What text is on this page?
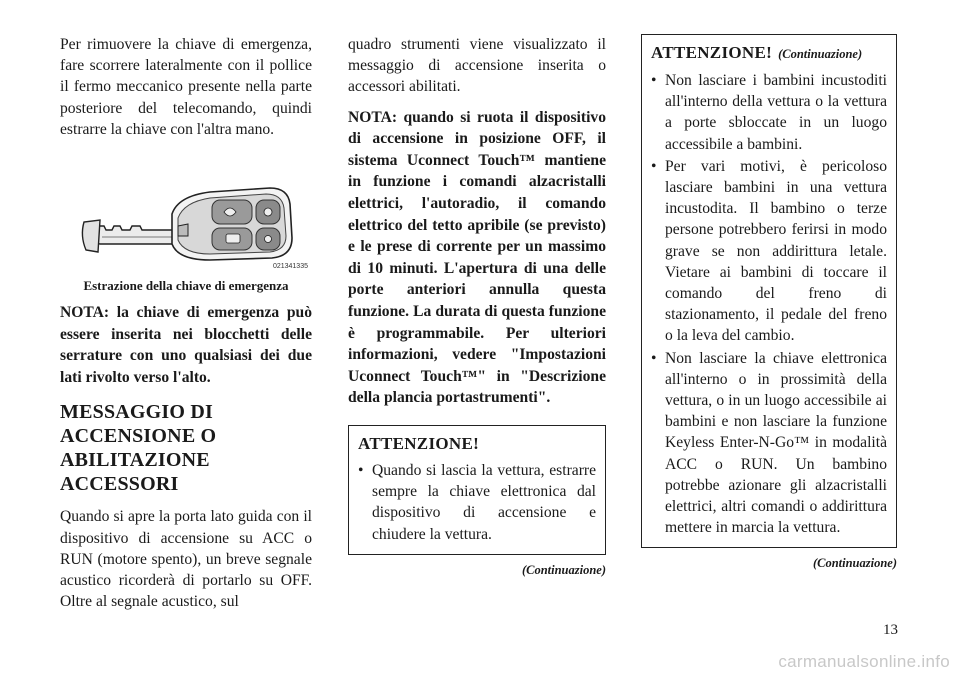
Per rimuovere la chiave di emergenza, fare scorrere lateralmente con il pollice il fermo meccanico presente nella parte posteriore del telecomando, quindi estrarre la chiave con l'altra mano.

021341335

Estrazione della chiave di emergenza

NOTA: la chiave di emergenza può essere inserita nei blocchetti delle serrature con uno qualsiasi dei due lati rivolto verso l'alto.

MESSAGGIO DI ACCENSIONE O ABILITAZIONE ACCESSORI

Quando si apre la porta lato guida con il dispositivo di accensione su ACC o RUN (motore spento), un breve segnale acustico ricorderà di portarlo su OFF. Oltre al segnale acustico, sul

quadro strumenti viene visualizzato il messaggio di accensione inserita o accessori abilitati.

NOTA: quando si ruota il dispositivo di accensione in posizione OFF, il sistema Uconnect Touch™ mantiene in funzione i comandi alzacristalli elettrici, l'autoradio, il comando elettrico del tetto apribile (se previsto) e le prese di corrente per un massimo di 10 minuti. L'apertura di una delle porte anteriori annulla questa funzione. La durata di questa funzione è programmabile. Per ulteriori informazioni, vedere "Impostazioni Uconnect Touch™" in "Descrizione della plancia portastrumenti".

ATTENZIONE!
• Quando si lascia la vettura, estrarre sempre la chiave elettronica dal dispositivo di accensione e chiudere la vettura.

(Continuazione)

ATTENZIONE! (Continuazione)
• Non lasciare i bambini incustoditi all'interno della vettura o la vettura a porte sbloccate in un luogo accessibile a bambini.
• Per vari motivi, è pericoloso lasciare bambini in una vettura incustodita. Il bambino o terze persone potrebbero ferirsi in modo grave se non addirittura letale. Vietare ai bambini di toccare il comando del freno di stazionamento, il pedale del freno o la leva del cambio.
• Non lasciare la chiave elettronica all'interno o in prossimità della vettura, o in un luogo accessibile ai bambini e non lasciare la funzione Keyless Enter-N-Go™ in modalità ACC o RUN. Un bambino potrebbe azionare gli alzacristalli elettrici, altri comandi o addirittura mettere in marcia la vettura.

(Continuazione)

13
carmanualsonline.info
